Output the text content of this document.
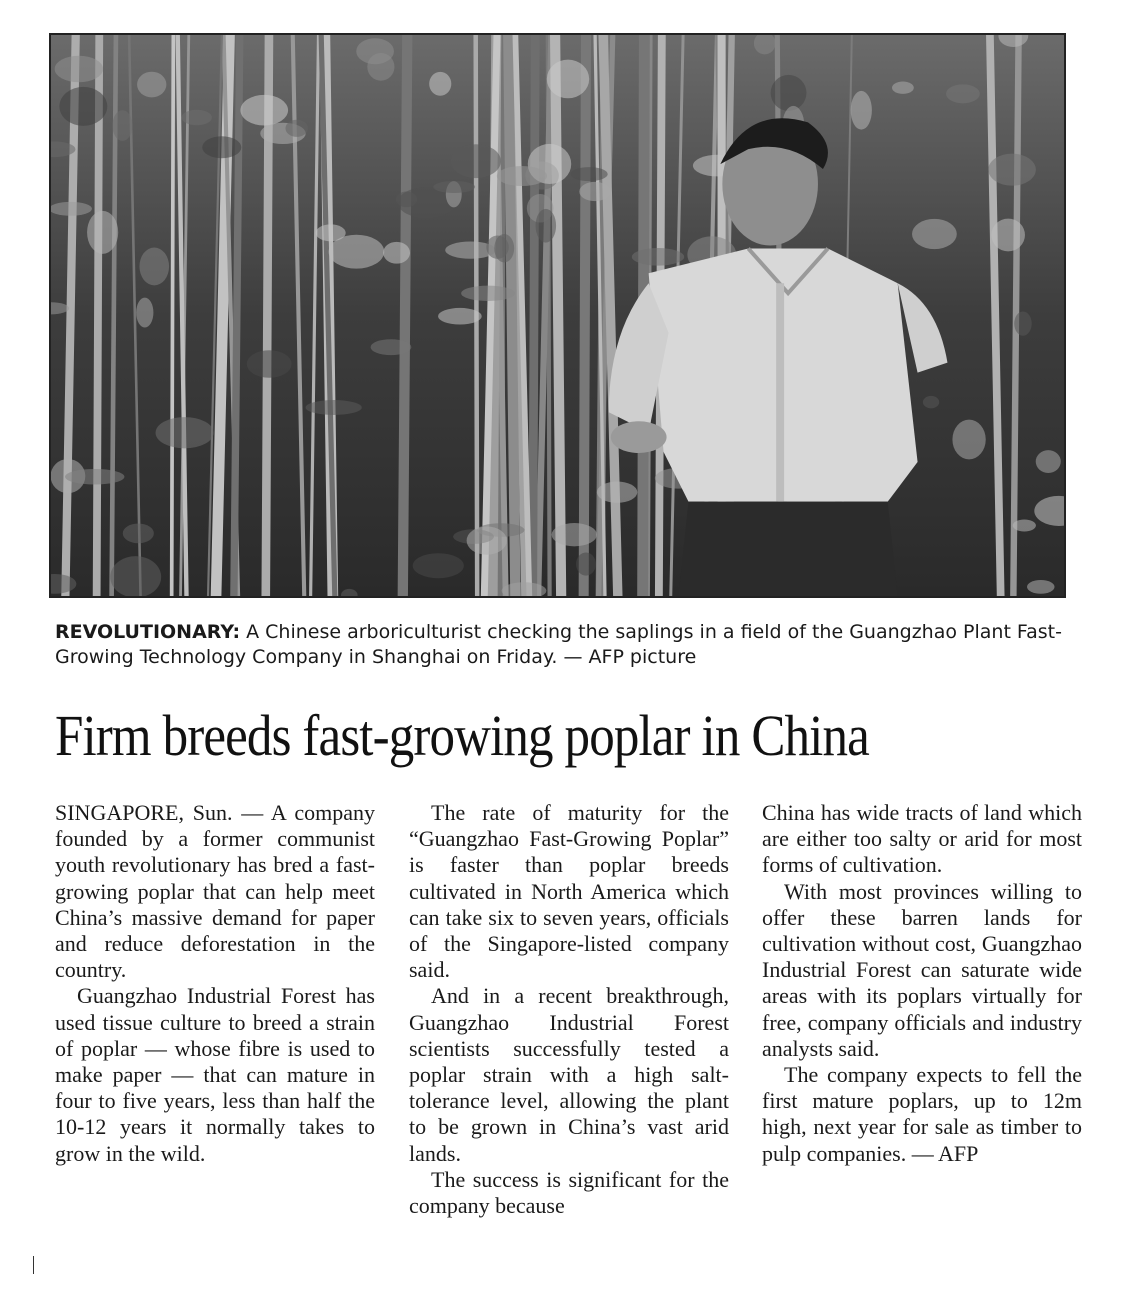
REVOLUTIONARY: A Chinese arboriculturist checking the saplings in a field of the Guangzhao Plant Fast-Growing Technology Company in Shanghai on Friday. — AFP picture
Firm breeds fast-growing poplar in China

SINGAPORE, Sun. — A company founded by a former communist youth revolutionary has bred a fast-growing poplar that can help meet China’s massive demand for paper and reduce deforestation in the country.

Guangzhao Industrial Forest has used tissue culture to breed a strain of poplar — whose fibre is used to make paper — that can mature in four to five years, less than half the 10-12 years it normally takes to grow in the wild.

The rate of maturity for the “Guangzhao Fast-Growing Poplar” is faster than poplar breeds cultivated in North America which can take six to seven years, officials of the Singapore-listed company said.

And in a recent breakthrough, Guangzhao Industrial Forest scientists successfully tested a poplar strain with a high salt-tolerance level, allowing the plant to be grown in China’s vast arid lands.

The success is significant for the company because

China has wide tracts of land which are either too salty or arid for most forms of cultivation.

With most provinces willing to offer these barren lands for cultivation without cost, Guangzhao Industrial Forest can saturate wide areas with its poplars virtually for free, company officials and industry analysts said.

The company expects to fell the first mature poplars, up to 12m high, next year for sale as timber to pulp companies. — AFP
